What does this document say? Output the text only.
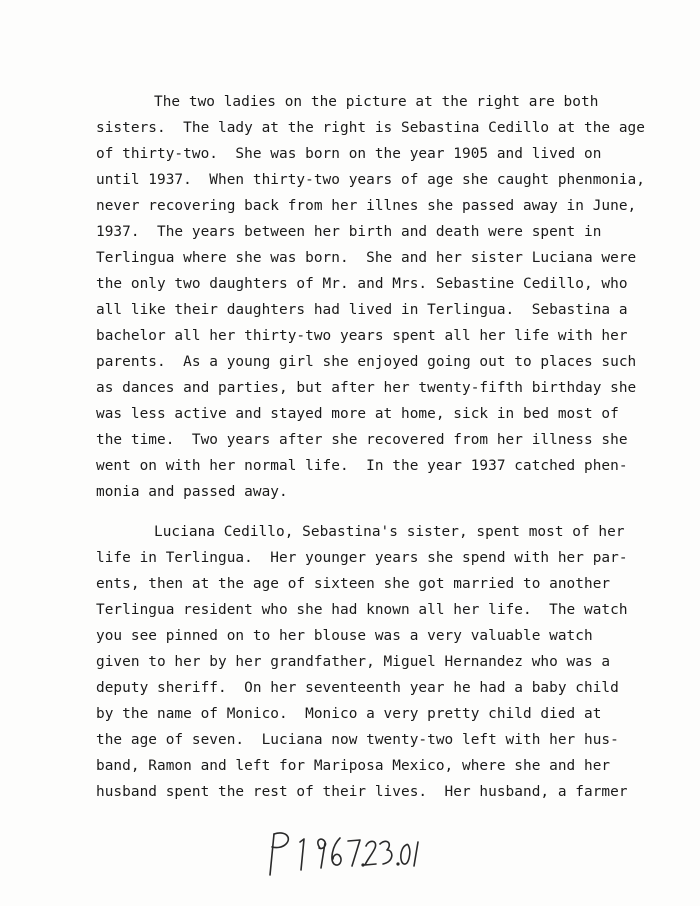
The two ladies on the picture at the right are both
sisters.  The lady at the right is Sebastina Cedillo at the age
of thirty-two.  She was born on the year 1905 and lived on
until 1937.  When thirty-two years of age she caught phenmonia,
never recovering back from her illnes she passed away in June,
1937.  The years between her birth and death were spent in
Terlingua where she was born.  She and her sister Luciana were
the only two daughters of Mr. and Mrs. Sebastine Cedillo, who
all like their daughters had lived in Terlingua.  Sebastina a
bachelor all her thirty-two years spent all her life with her
parents.  As a young girl she enjoyed going out to places such
as dances and parties, but after her twenty-fifth birthday she
was less active and stayed more at home, sick in bed most of
the time.  Two years after she recovered from her illness she
went on with her normal life.  In the year 1937 catched phen-
monia and passed away.
Luciana Cedillo, Sebastina's sister, spent most of her
life in Terlingua.  Her younger years she spend with her par-
ents, then at the age of sixteen she got married to another
Terlingua resident who she had known all her life.  The watch
you see pinned on to her blouse was a very valuable watch
given to her by her grandfather, Miguel Hernandez who was a
deputy sheriff.  On her seventeenth year he had a baby child
by the name of Monico.  Monico a very pretty child died at
the age of seven.  Luciana now twenty-two left with her hus-
band, Ramon and left for Mariposa Mexico, where she and her
husband spent the rest of their lives.  Her husband, a farmer
